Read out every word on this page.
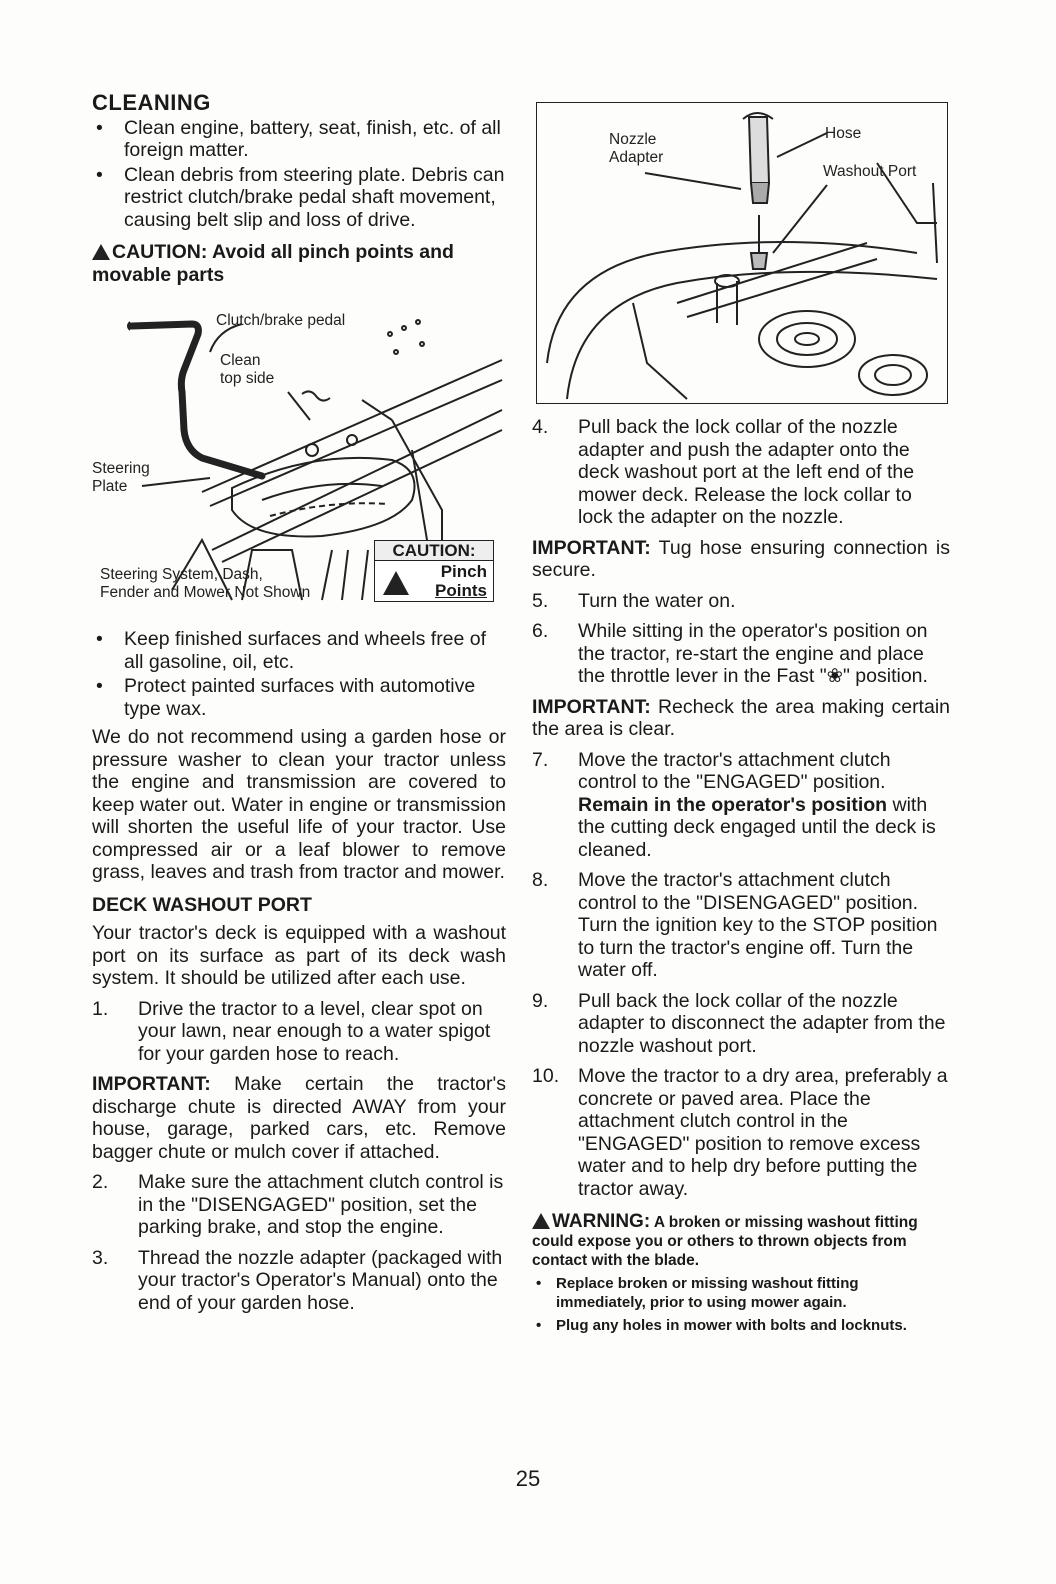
CLEANING
• Clean engine, battery, seat, finish, etc. of all foreign matter.
• Clean debris from steering plate. Debris can restrict clutch/brake pedal shaft movement, causing belt slip and loss of drive.
CAUTION: Avoid all pinch points and movable parts
Clutch/brake pedal
Clean
top side
Steering
Plate
Steering System, Dash,
Fender and Mower Not Shown
CAUTION:
Pinch
Points
• Keep finished surfaces and wheels free of all gasoline, oil, etc.
• Protect painted surfaces with automotive type wax.

We do not recommend using a garden hose or pressure washer to clean your tractor unless the engine and transmission are covered to keep water out. Water in engine or transmission will shorten the useful life of your tractor. Use compressed air or a leaf blower to remove grass, leaves and trash from tractor and mower.

DECK WASHOUT PORT

Your tractor's deck is equipped with a washout port on its surface as part of its deck wash system. It should be utilized after each use.

1. Drive the tractor to a level, clear spot on your lawn, near enough to a water spigot for your garden hose to reach.

IMPORTANT: Make certain the tractor's discharge chute is directed AWAY from your house, garage, parked cars, etc. Remove bagger chute or mulch cover if attached.

2. Make sure the attachment clutch control is in the "DISENGAGED" position, set the parking brake, and stop the engine.
3. Thread the nozzle adapter (packaged with your tractor's Operator's Manual) onto the end of your garden hose.
Nozzle
Adapter
Hose
Washout Port
4. Pull back the lock collar of the nozzle adapter and push the adapter onto the deck washout port at the left end of the mower deck. Release the lock collar to lock the adapter on the nozzle.

IMPORTANT: Tug hose ensuring connection is secure.

5. Turn the water on.
6. While sitting in the operator's position on the tractor, re-start the engine and place the throttle lever in the Fast "❀" position.

IMPORTANT: Recheck the area making certain the area is clear.

7. Move the tractor's attachment clutch control to the "ENGAGED" position. Remain in the operator's position with the cutting deck engaged until the deck is cleaned.
8. Move the tractor's attachment clutch control to the "DISENGAGED" position. Turn the ignition key to the STOP position to turn the tractor's engine off. Turn the water off.
9. Pull back the lock collar of the nozzle adapter to disconnect the adapter from the nozzle washout port.
10. Move the tractor to a dry area, preferably a concrete or paved area. Place the attachment clutch control in the "ENGAGED" position to remove excess water and to help dry before putting the tractor away.
WARNING: A broken or missing washout fitting could expose you or others to thrown objects from contact with the blade.
• Replace broken or missing washout fitting immediately, prior to using mower again.
• Plug any holes in mower with bolts and locknuts.
25
